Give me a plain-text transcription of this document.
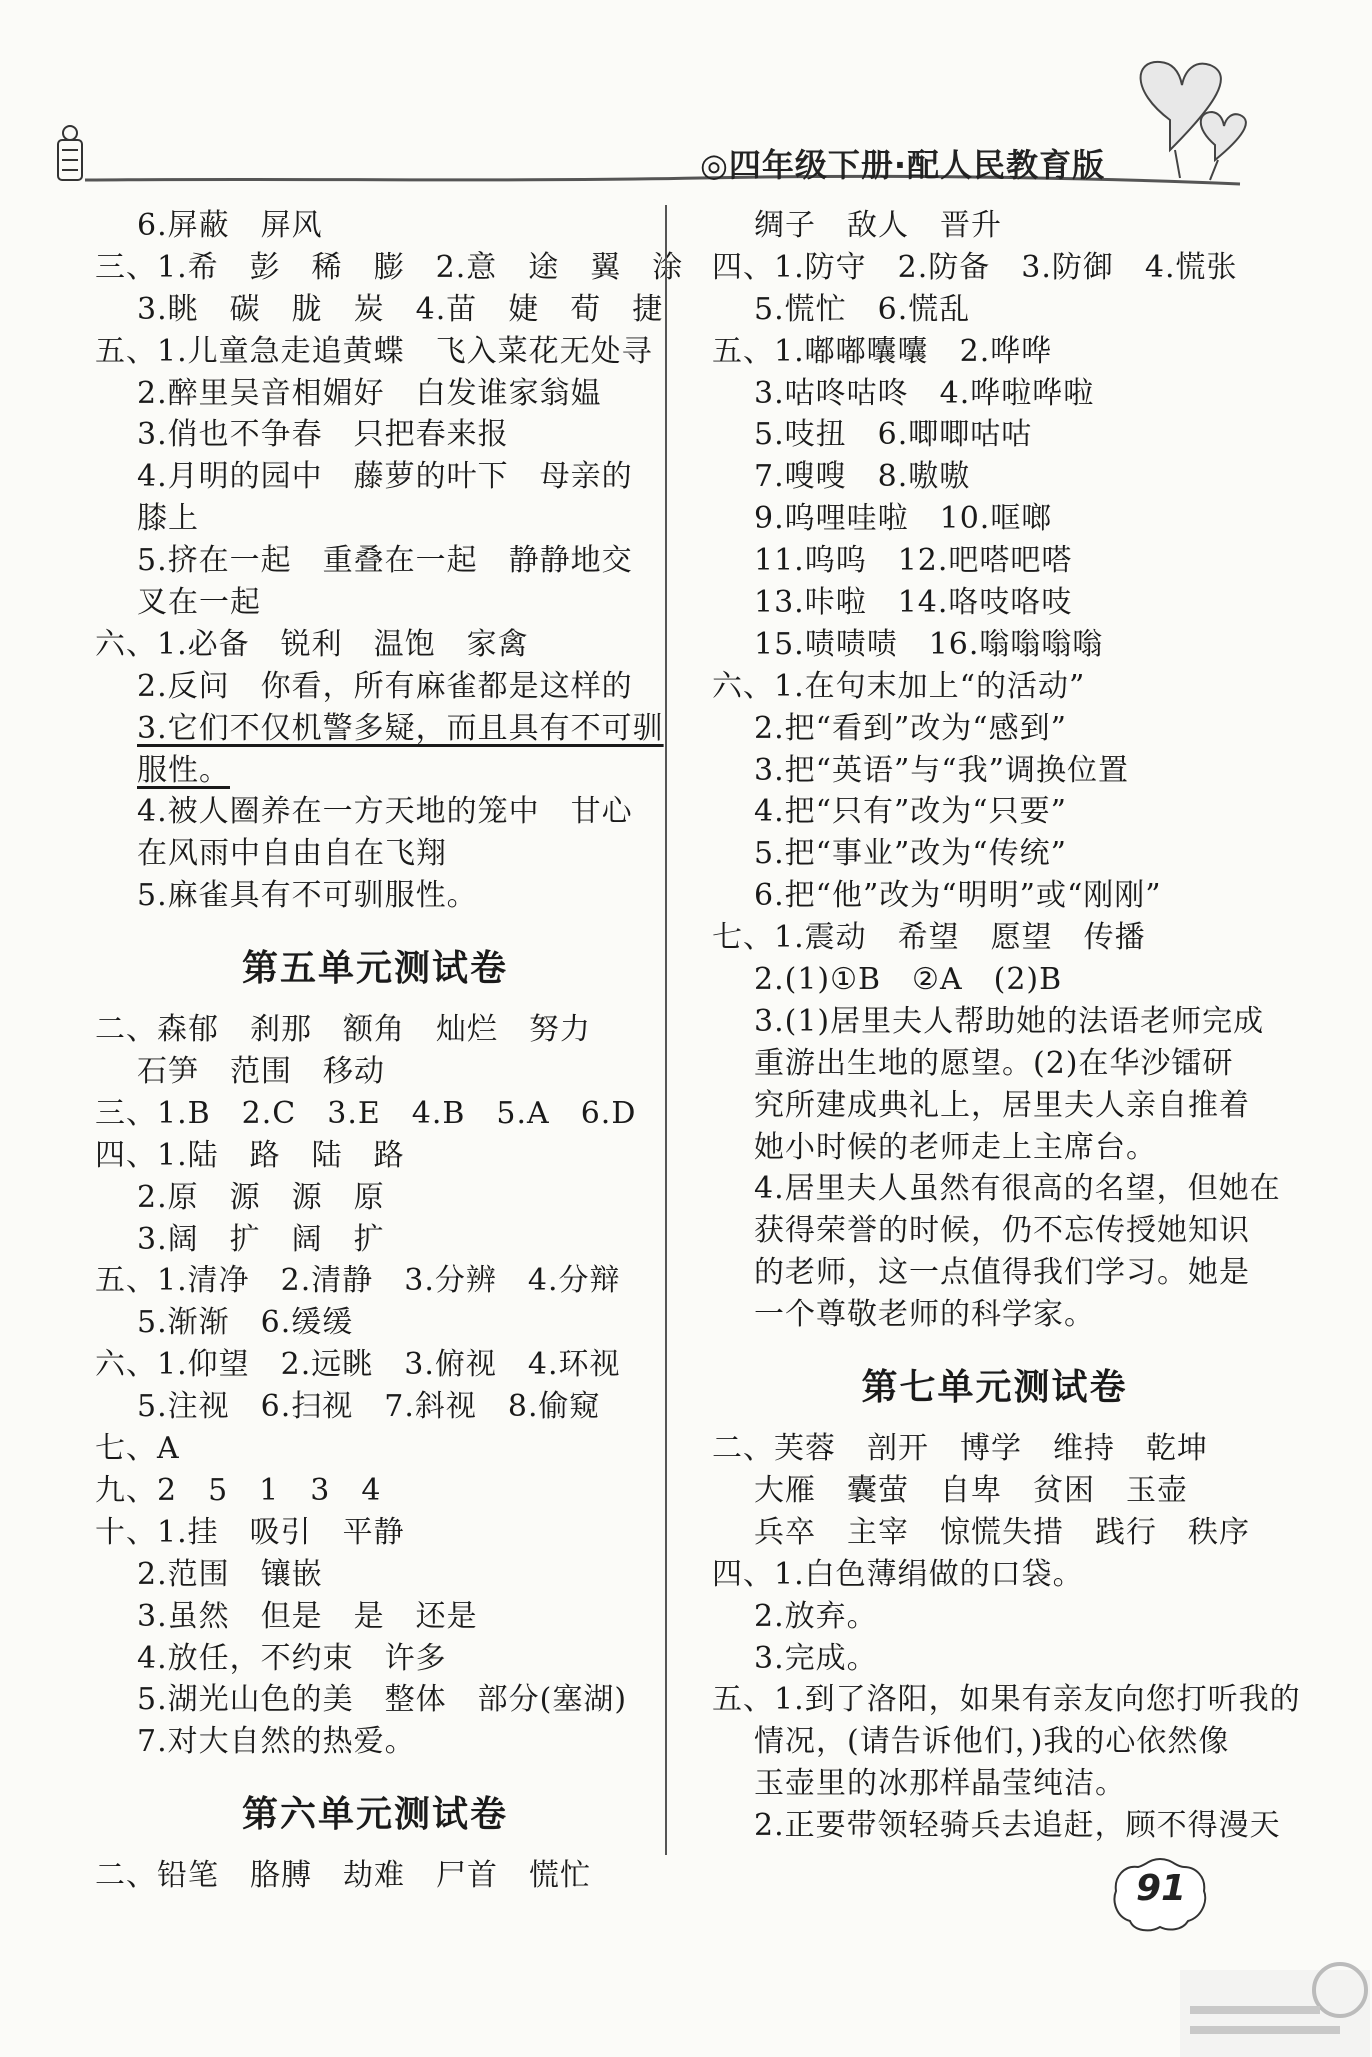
◎四年级下册·配人民教育版
6.屏蔽　屏风
三、1.希　彭　稀　膨　2.意　途　翼　涂
3.眺　碳　胧　炭　4.苗　婕　荀　捷
五、1.儿童急走追黄蝶　飞入菜花无处寻
2.醉里吴音相媚好　白发谁家翁媪
3.俏也不争春　只把春来报
4.月明的园中　藤萝的叶下　母亲的
膝上
5.挤在一起　重叠在一起　静静地交
叉在一起
六、1.必备　锐利　温饱　家禽
2.反问　你看，所有麻雀都是这样的
3.它们不仅机警多疑，而且具有不可驯
服性。
4.被人圈养在一方天地的笼中　甘心
在风雨中自由自在飞翔
5.麻雀具有不可驯服性。
第五单元测试卷
二、森郁　刹那　额角　灿烂　努力
石笋　范围　移动
三、1.B　2.C　3.E　4.B　5.A　6.D
四、1.陆　路　陆　路
2.原　源　源　原
3.阔　扩　阔　扩
五、1.清净　2.清静　3.分辨　4.分辩
5.渐渐　6.缓缓
六、1.仰望　2.远眺　3.俯视　4.环视
5.注视　6.扫视　7.斜视　8.偷窥
七、A
九、2　5　1　3　4
十、1.挂　吸引　平静
2.范围　镶嵌
3.虽然　但是　是　还是
4.放任，不约束　许多
5.湖光山色的美　整体　部分(塞湖)
7.对大自然的热爱。
第六单元测试卷
二、铅笔　胳膊　劫难　尸首　慌忙
绸子　敌人　晋升
四、1.防守　2.防备　3.防御　4.慌张
5.慌忙　6.慌乱
五、1.嘟嘟囔囔　2.哗哗
3.咕咚咕咚　4.哗啦哗啦
5.吱扭　6.唧唧咕咕
7.嗖嗖　8.嗷嗷
9.呜哩哇啦　10.哐啷
11.呜呜　12.吧嗒吧嗒
13.咔啦　14.咯吱咯吱
15.啧啧啧　16.嗡嗡嗡嗡
六、1.在句末加上“的活动”
2.把“看到”改为“感到”
3.把“英语”与“我”调换位置
4.把“只有”改为“只要”
5.把“事业”改为“传统”
6.把“他”改为“明明”或“刚刚”
七、1.震动　希望　愿望　传播
2.(1)①B　②A　(2)B
3.(1)居里夫人帮助她的法语老师完成
重游出生地的愿望。(2)在华沙镭研
究所建成典礼上，居里夫人亲自推着
她小时候的老师走上主席台。
4.居里夫人虽然有很高的名望，但她在
获得荣誉的时候，仍不忘传授她知识
的老师，这一点值得我们学习。她是
一个尊敬老师的科学家。
第七单元测试卷
二、芙蓉　剖开　博学　维持　乾坤
大雁　囊萤　自卑　贫困　玉壶
兵卒　主宰　惊慌失措　践行　秩序
四、1.白色薄绢做的口袋。
2.放弃。
3.完成。
五、1.到了洛阳，如果有亲友向您打听我的
情况，(请告诉他们，)我的心依然像
玉壶里的冰那样晶莹纯洁。
2.正要带领轻骑兵去追赶，顾不得漫天
91
